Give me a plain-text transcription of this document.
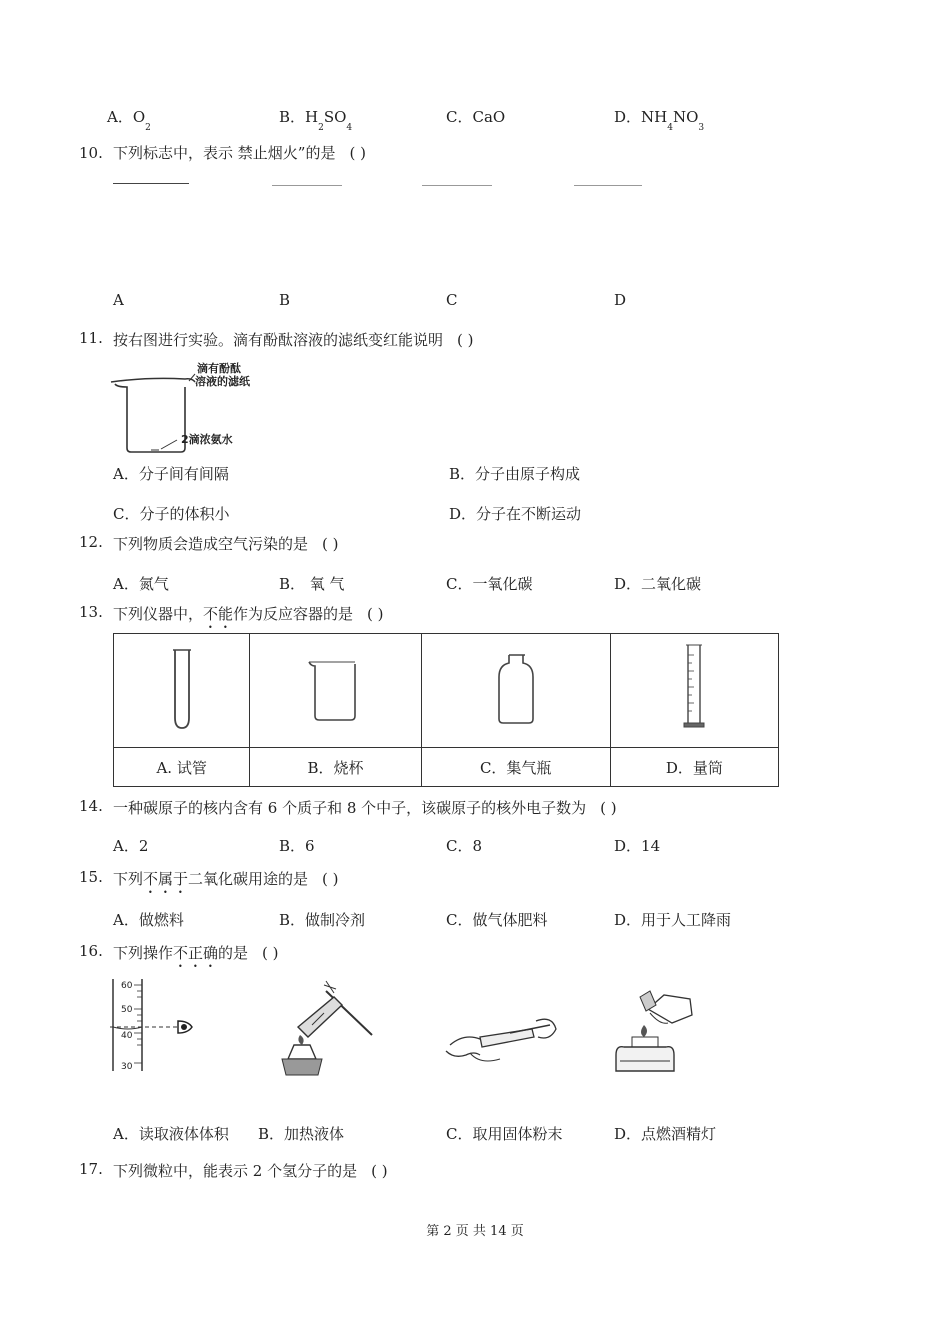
A．$O_2$
B．$H_2SO_4$
C．CaO	D．$NH_4NO_3$
10. 下列标志中，表示 禁止烟火”的是 ( )
A	B	C	D
11. 按右图进行实验。滴有酚酞溶液的滤纸变红能说明 ( )
滴有酚酞
溶液的滤纸
2滴浓氨水
A．分子间有间隔	B．分子由原子构成
C．分子的体积小	D．分子在不断运动
12. 下列物质会造成空气污染的是 ( )
A．氮气	B． 氧 气	C．一氧化碳	D．二氧化碳
13. 下列仪器中，不能作为反应容器的是 ( )

A. 试管	B．烧杯	C．集气瓶	D．量筒
14. 一种碳原子的核内含有 6 个质子和 8 个中子，该碳原子的核外电子数为 ( )
A．2	B．6	C．8	D．14
15. 下列不属于二氧化碳用途的是 ( )
A．做燃料	B．做制冷剂	C．做气体肥料	D．用于人工降雨
16. 下列操作不正确的是 ( )
60
50
40
30
A．读取液体体积 B．加热液体	C．取用固体粉末	D．点燃酒精灯
17. 下列微粒中，能表示 2 个氢分子的是 ( )
第 2 页 共 14 页
